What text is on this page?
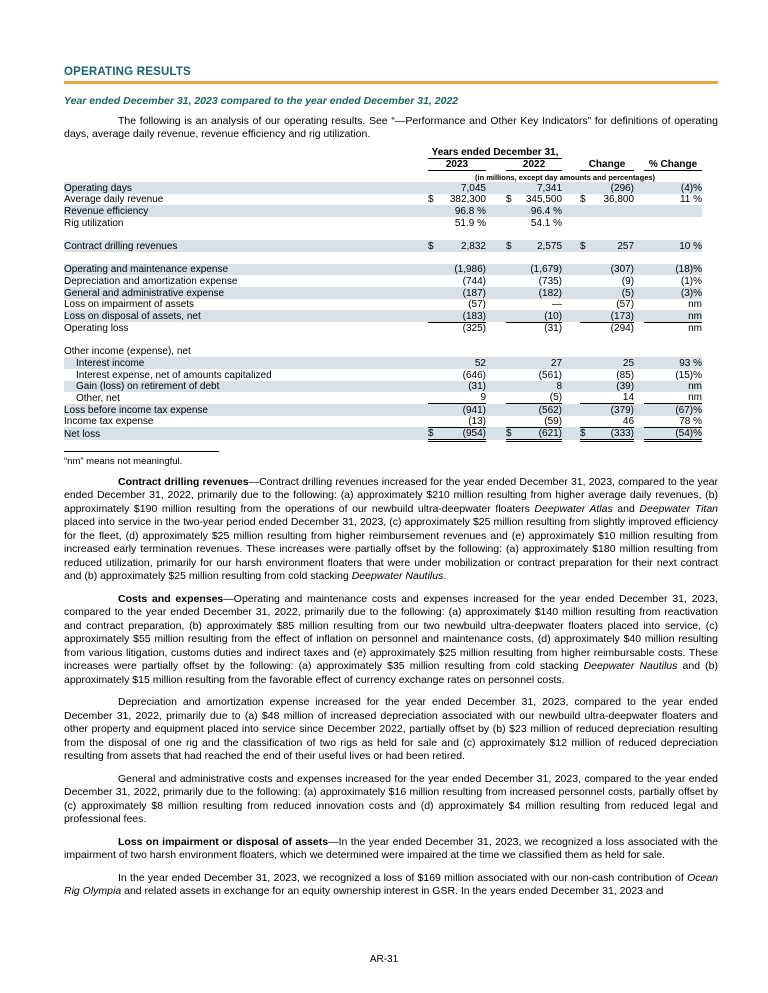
OPERATING RESULTS
Year ended December 31, 2023 compared to the year ended December 31, 2022

The following is an analysis of our operating results. See “—Performance and Other Key Indicators” for definitions of operating days, average daily revenue, revenue efficiency and rig utilization.

	Years ended December 31,									
	2023			2022			Change			% Change
	(in millions, except day amounts and percentages)									
Operating days		7,045			7,341			(296)		(4)%
Average daily revenue	$	382,300		$	345,500		$	36,800		11 %
Revenue efficiency		96.8 %			96.4 %					
Rig utilization		51.9 %			54.1 %					

Contract drilling revenues	$	2,832		$	2,575		$	257		10 %

Operating and maintenance expense		(1,986)			(1,679)			(307)		(18)%
Depreciation and amortization expense		(744)			(735)			(9)		(1)%
General and administrative expense		(187)			(182)			(5)		(3)%
Loss on impairment of assets		(57)			—			(57)		nm
Loss on disposal of assets, net		(183)			(10)			(173)		nm
Operating loss		(325)			(31)			(294)		nm

Other income (expense), net										
Interest income		52			27			25		93 %
Interest expense, net of amounts capitalized		(646)			(561)			(85)		(15)%
Gain (loss) on retirement of debt		(31)			8			(39)		nm
Other, net		9			(5)			14		nm
Loss before income tax expense		(941)			(562)			(379)		(67)%
Income tax expense		(13)			(59)			46		78 %
Net loss	$	(954)		$	(621)		$	(333)		(54)%

“nm” means not meaningful.

Contract drilling revenues—Contract drilling revenues increased for the year ended December 31, 2023, compared to the year ended December 31, 2022, primarily due to the following: (a) approximately $210 million resulting from higher average daily revenues, (b) approximately $190 million resulting from the operations of our newbuild ultra-deepwater floaters Deepwater Atlas and Deepwater Titan placed into service in the two-year period ended December 31, 2023, (c) approximately $25 million resulting from slightly improved efficiency for the fleet, (d) approximately $25 million resulting from higher reimbursement revenues and (e) approximately $10 million resulting from increased early termination revenues. These increases were partially offset by the following: (a) approximately $180 million resulting from reduced utilization, primarily for our harsh environment floaters that were under mobilization or contract preparation for their next contract and (b) approximately $25 million resulting from cold stacking Deepwater Nautilus.

Costs and expenses—Operating and maintenance costs and expenses increased for the year ended December 31, 2023, compared to the year ended December 31, 2022, primarily due to the following: (a) approximately $140 million resulting from reactivation and contract preparation, (b) approximately $85 million resulting from our two newbuild ultra-deepwater floaters placed into service, (c) approximately $55 million resulting from the effect of inflation on personnel and maintenance costs, (d) approximately $40 million resulting from various litigation, customs duties and indirect taxes and (e) approximately $25 million resulting from higher reimbursable costs. These increases were partially offset by the following: (a) approximately $35 million resulting from cold stacking Deepwater Nautilus and (b) approximately $15 million resulting from the favorable effect of currency exchange rates on personnel costs.

Depreciation and amortization expense increased for the year ended December 31, 2023, compared to the year ended December 31, 2022, primarily due to (a) $48 million of increased depreciation associated with our newbuild ultra-deepwater floaters and other property and equipment placed into service since December 2022, partially offset by (b) $23 million of reduced depreciation resulting from the disposal of one rig and the classification of two rigs as held for sale and (c) approximately $12 million of reduced depreciation resulting from assets that had reached the end of their useful lives or had been retired.

General and administrative costs and expenses increased for the year ended December 31, 2023, compared to the year ended December 31, 2022, primarily due to the following: (a) approximately $16 million resulting from increased personnel costs, partially offset by (c) approximately $8 million resulting from reduced innovation costs and (d) approximately $4 million resulting from reduced legal and professional fees.

Loss on impairment or disposal of assets—In the year ended December 31, 2023, we recognized a loss associated with the impairment of two harsh environment floaters, which we determined were impaired at the time we classified them as held for sale.

In the year ended December 31, 2023, we recognized a loss of $169 million associated with our non-cash contribution of Ocean Rig Olympia and related assets in exchange for an equity ownership interest in GSR. In the years ended December 31, 2023 and

AR-31
